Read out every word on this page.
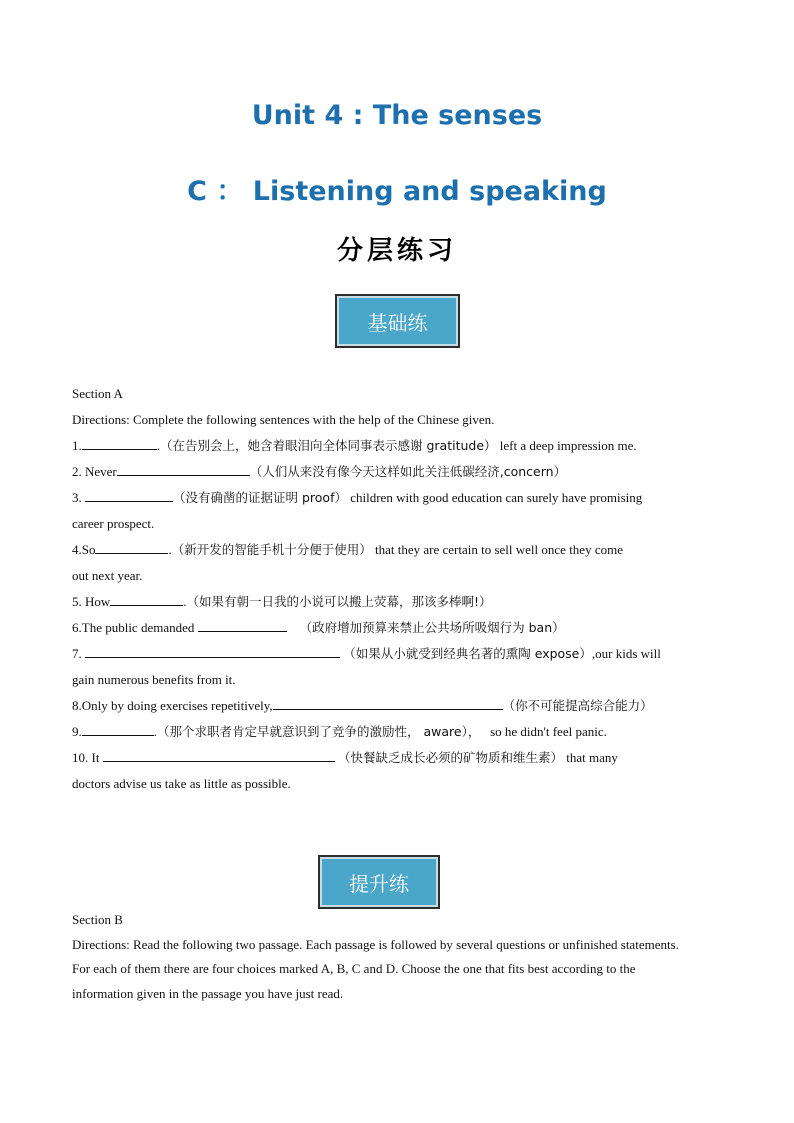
Unit 4 : The senses
C ： Listening and speaking
分层练习
基础练
Section A
Directions: Complete the following sentences with the help of the Chinese given.
1.	.（在告别会上，她含着眼泪向全体同事表示感谢 gratitude） left a deep impression me.
2. Never	（人们从来没有像今天这样如此关注低碳经济,concern）
3.	（没有确凿的证据证明 proof） children with good education can surely have promising
career prospect.
4.So	.（新开发的智能手机十分便于使用） that they are certain to sell well once they come
out next year.
5. How	.（如果有朝一日我的小说可以搬上荧幕，那该多棒啊!）
6.The public demanded	（政府增加预算来禁止公共场所吸烟行为 ban）
7.	（如果从小就受到经典名著的熏陶 expose）,our kids will
gain numerous benefits from it.
8.Only by doing exercises repetitively,	（你不可能提高综合能力）
9.	.（那个求职者肯定早就意识到了竞争的激励性， aware）， so he didn't feel panic.
10. It	（快餐缺乏成长必须的矿物质和维生素） that many
doctors advise us take as little as possible.
提升练
Section B
Directions: Read the following two passage. Each passage is followed by several questions or unfinished statements.
For each of them there are four choices marked A, B, C and D. Choose the one that fits best according to the
information given in the passage you have just read.
